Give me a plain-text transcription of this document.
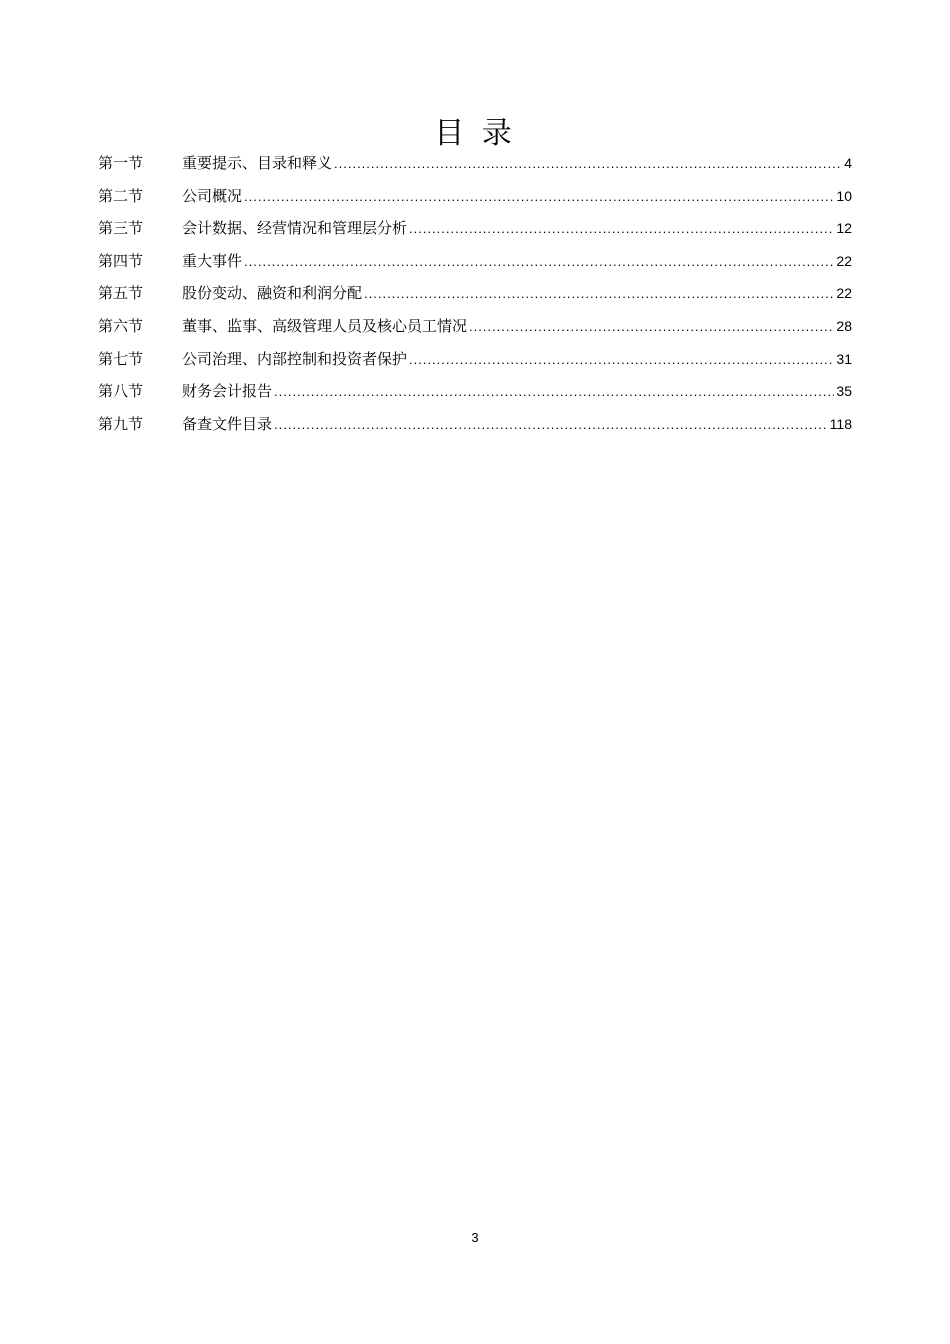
目 录
第一节	重要提示、目录和释义 .....	4
第二节	公司概况 .....	10
第三节	会计数据、经营情况和管理层分析 .....	12
第四节	重大事件 .....	22
第五节	股份变动、融资和利润分配 .....	22
第六节	董事、监事、高级管理人员及核心员工情况 .....	28
第七节	公司治理、内部控制和投资者保护 .....	31
第八节	财务会计报告 .....	35
第九节	备查文件目录 .....	118
3
